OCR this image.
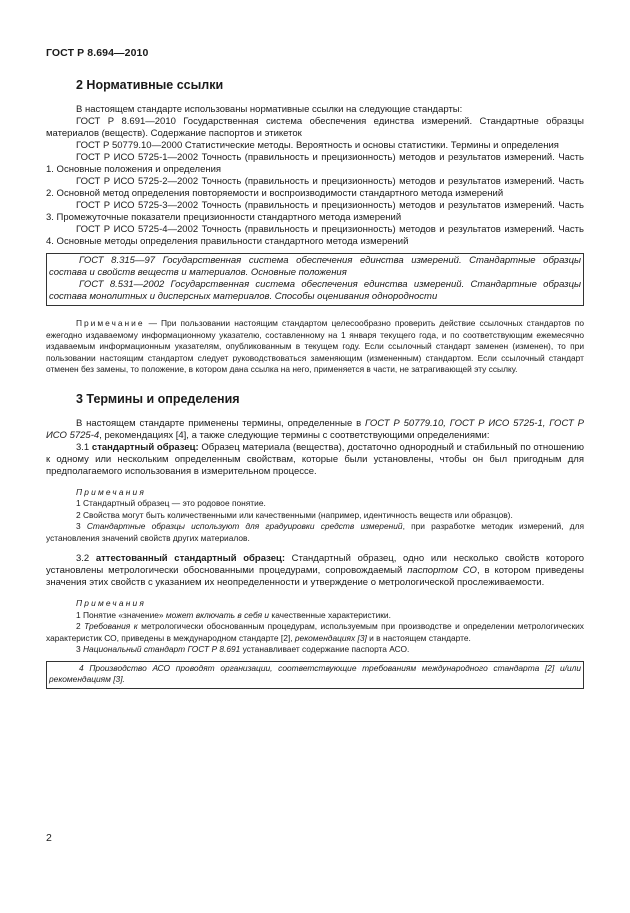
ГОСТ Р 8.694—2010
2 Нормативные ссылки

В настоящем стандарте использованы нормативные ссылки на следующие стандарты:

ГОСТ Р 8.691—2010 Государственная система обеспечения единства измерений. Стандартные образцы материалов (веществ). Содержание паспортов и этикеток

ГОСТ Р 50779.10—2000 Статистические методы. Вероятность и основы статистики. Термины и определения

ГОСТ Р ИСО 5725-1—2002 Точность (правильность и прецизионность) методов и результатов измерений. Часть 1. Основные положения и определения

ГОСТ Р ИСО 5725-2—2002 Точность (правильность и прецизионность) методов и результатов измерений. Часть 2. Основной метод определения повторяемости и воспроизводимости стандартного метода измерений

ГОСТ Р ИСО 5725-3—2002 Точность (правильность и прецизионность) методов и результатов измерений. Часть 3. Промежуточные показатели прецизионности стандартного метода измерений

ГОСТ Р ИСО 5725-4—2002 Точность (правильность и прецизионность) методов и результатов измерений. Часть 4. Основные методы определения правильности стандартного метода измерений

ГОСТ 8.315—97 Государственная система обеспечения единства измерений. Стандартные образцы состава и свойств веществ и материалов. Основные положения

ГОСТ 8.531—2002 Государственная система обеспечения единства измерений. Стандартные образцы состава монолитных и дисперсных материалов. Способы оценивания однородности

Примечание — При пользовании настоящим стандартом целесообразно проверить действие ссылочных стандартов по ежегодно издаваемому информационному указателю, составленному на 1 января текущего года, и по соответствующим ежемесячно издаваемым информационным указателям, опубликованным в текущем году. Если ссылочный стандарт заменен (изменен), то при пользовании настоящим стандартом следует руководствоваться заменяющим (измененным) стандартом. Если ссылочный стандарт отменен без замены, то положение, в котором дана ссылка на него, применяется в части, не затрагивающей эту ссылку.

3 Термины и определения

В настоящем стандарте применены термины, определенные в ГОСТ Р 50779.10, ГОСТ Р ИСО 5725-1, ГОСТ Р ИСО 5725-4, рекомендациях [4], а также следующие термины с соответствующими определениями:

3.1 стандартный образец: Образец материала (вещества), достаточно однородный и стабильный по отношению к одному или нескольким определенным свойствам, которые были установлены, чтобы он был пригодным для предполагаемого использования в измерительном процессе.

Примечания

1 Стандартный образец — это родовое понятие.

2 Свойства могут быть количественными или качественными (например, идентичность веществ или образцов).

3 Стандартные образцы используют для градуировки средств измерений, при разработке методик измерений, для установления значений свойств других материалов.

3.2 аттестованный стандартный образец: Стандартный образец, одно или несколько свойств которого установлены метрологически обоснованными процедурами, сопровождаемый паспортом СО, в котором приведены значения этих свойств с указанием их неопределенности и утверждение о метрологической прослеживаемости.

Примечания

1 Понятие «значение» может включать в себя и качественные характеристики.

2 Требования к метрологически обоснованным процедурам, используемым при производстве и определении метрологических характеристик СО, приведены в международном стандарте [2], рекомендациях [3] и в настоящем стандарте.

3 Национальный стандарт ГОСТ Р 8.691 устанавливает содержание паспорта АСО.

4 Производство АСО проводят организации, соответствующие требованиям международного стандарта [2] и/или рекомендациям [3].

2
